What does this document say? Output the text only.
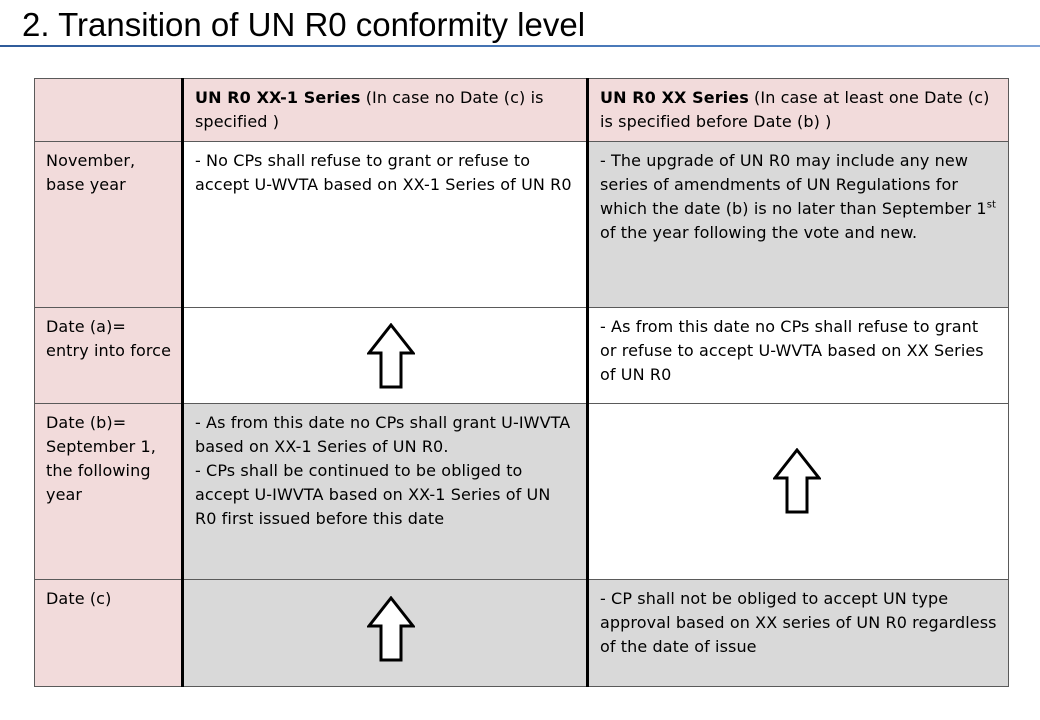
2. Transition of UN R0 conformity level
	UN R0 XX-1 Series (In case no Date (c) is specified )	UN R0 XX Series (In case at least one Date (c) is specified before Date (b) )
November, base year	- No CPs shall refuse to grant or refuse to accept U-WVTA based on XX-1 Series of UN R0	- The upgrade of UN R0 may include any new series of amendments of UN Regulations for which the date (b) is no later than September 1st of the year following the vote and new.
Date (a)= entry into force		- As from this date no CPs shall refuse to grant or refuse to accept U-WVTA based on XX Series of UN R0
Date (b)= September 1, the following year	- As from this date no CPs shall grant U-IWVTA based on XX-1 Series of UN R0.
- CPs shall be continued to be obliged to accept U-IWVTA based on XX-1 Series of UN R0 first issued before this date

Date (c)		- CP shall not be obliged to accept UN type approval based on XX series of UN R0 regardless of the date of issue
